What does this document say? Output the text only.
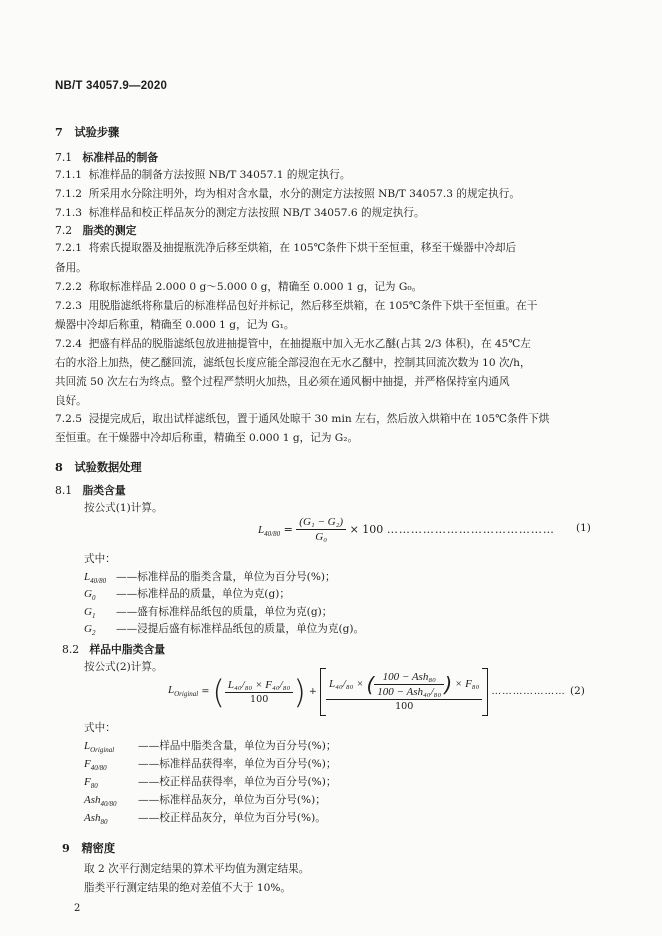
NB/T 34057.9—2020
7 试验步骤
7.1 标准样品的制备
7.1.1 标准样品的制备方法按照 NB/T 34057.1 的规定执行。
7.1.2 所采用水分除注明外，均为相对含水量，水分的测定方法按照 NB/T 34057.3 的规定执行。
7.1.3 标准样品和校正样品灰分的测定方法按照 NB/T 34057.6 的规定执行。
7.2 脂类的测定
7.2.1 将索氏提取器及抽提瓶洗净后移至烘箱，在 105℃条件下烘干至恒重，移至干燥器中冷却后
备用。
7.2.2 称取标准样品 2.000 0 g～5.000 0 g，精确至 0.000 1 g，记为 G₀。
7.2.3 用脱脂滤纸将称量后的标准样品包好并标记，然后移至烘箱，在 105℃条件下烘干至恒重。在干
燥器中冷却后称重，精确至 0.000 1 g，记为 G₁。
7.2.4 把盛有样品的脱脂滤纸包放进抽提管中，在抽提瓶中加入无水乙醚(占其 2/3 体积)，在 45℃左
右的水浴上加热，使乙醚回流，滤纸包长度应能全部浸泡在无水乙醚中，控制其回流次数为 10 次/h，
共回流 50 次左右为终点。整个过程严禁明火加热，且必须在通风橱中抽提，并严格保持室内通风
良好。
7.2.5 浸提完成后，取出试样滤纸包，置于通风处晾干 30 min 左右，然后放入烘箱中在 105℃条件下烘
至恒重。在干燥器中冷却后称重，精确至 0.000 1 g，记为 G₂。
8 试验数据处理
8.1 脂类含量
按公式(1)计算。
$L_{40/80} = \frac{\text{(G₁ − G₂)}}{\text{G₀}} \times 100$ …………………………………… (1)
式中：
$L_{40/80}$ ——标准样品的脂类含量，单位为百分号(%)；
$G_0$ ——标准样品的质量，单位为克(g)；
$G_1$ ——盛有标准样品纸包的质量，单位为克(g)；
$G_2$ ——浸提后盛有标准样品纸包的质量，单位为克(g)。
8.2 样品中脂类含量
按公式(2)计算。
$L_{Original}$ = ( $\frac{\text{L₄₀/₈₀ × F₄₀/₈₀}}{100}$ ) + $\frac{L_{40}/_{80} \times ( \frac{\text{100 − Ash₈₀}}{\text{100 − Ash₄₀/₈₀}} ) \times F_{80}}{100}$ ………………… (2)
式中：
$L_{Original}$ ——样品中脂类含量，单位为百分号(%)；
$F_{40/80}$	——标准样品获得率，单位为百分号(%)；
$F_{80}$	——校正样品获得率，单位为百分号(%)；
Ash$_{40/80}$ ——标准样品灰分，单位为百分号(%)；
Ash$_{80}$	——校正样品灰分，单位为百分号(%)。
9 精密度
取 2 次平行测定结果的算术平均值为测定结果。
脂类平行测定结果的绝对差值不大于 10%。
2
